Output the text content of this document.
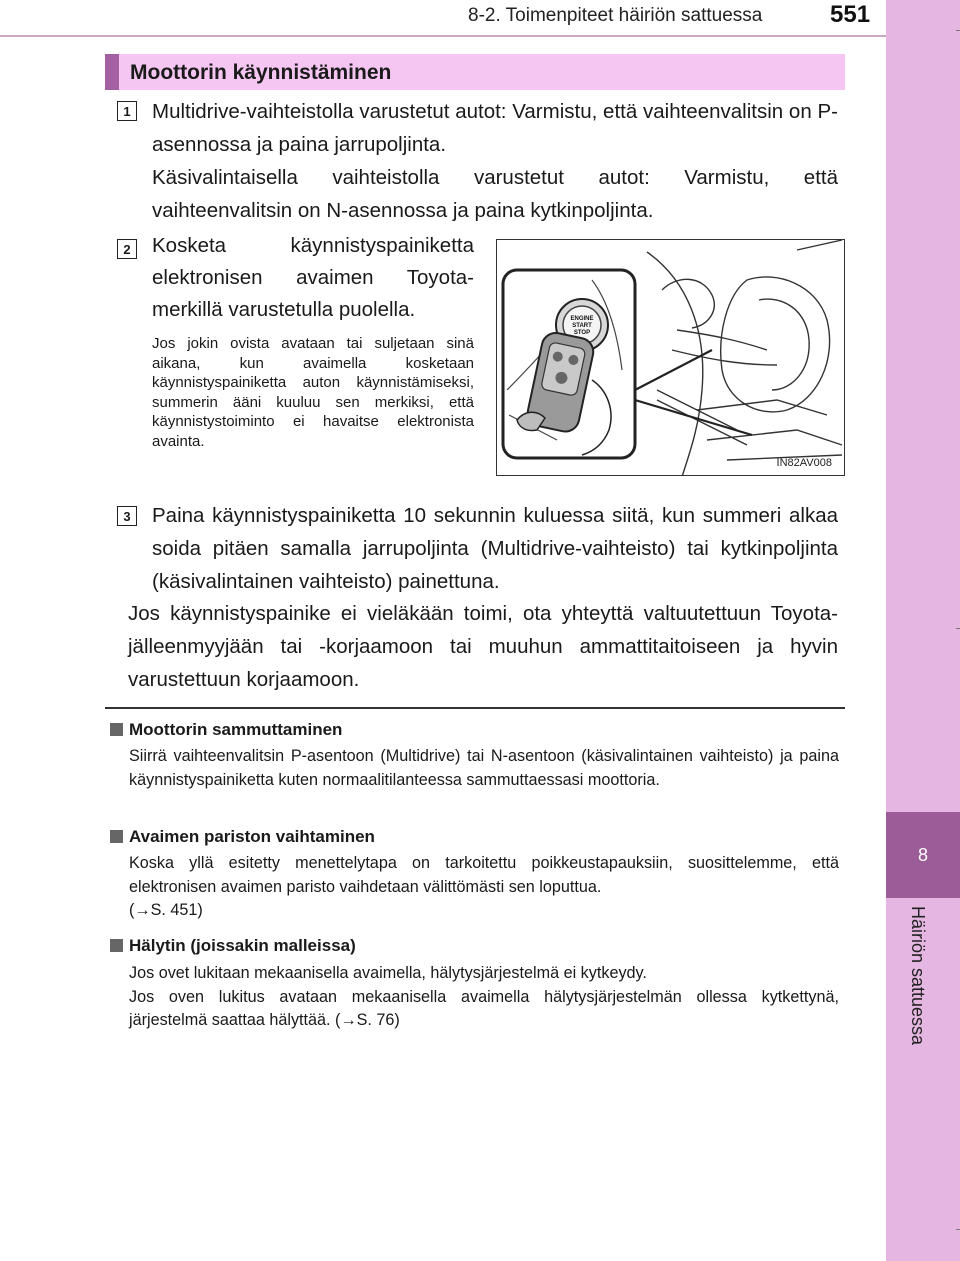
8-2. Toimenpiteet häiriön sattuessa	551
8
Häiriön sattuessa
Moottorin käynnistäminen
1	Multidrive-vaihteistolla varustetut autot: Varmistu, että vaihteenvalitsin on P-asennossa ja paina jarrupoljinta.
Käsivalintaisella vaihteistolla varustetut autot: Varmistu, että vaihteenvalitsin on N-asennossa ja paina kytkinpoljinta.
2	Kosketa käynnistyspainiketta elektronisen avaimen Toyota-merkillä varustetulla puolella.
Jos jokin ovista avataan tai suljetaan sinä aikana, kun avaimella kosketaan käynnistyspainiketta auton käynnistämiseksi, summerin ääni kuuluu sen merkiksi, että käynnistystoiminto ei havaitse elektronista avainta.
ENGINE
START
STOP
IN82AV008
3	Paina käynnistyspainiketta 10 sekunnin kuluessa siitä, kun summeri alkaa soida pitäen samalla jarrupoljinta (Multidrive-vaihteisto) tai kytkinpoljinta (käsivalintainen vaihteisto) painettuna.
Jos käynnistyspainike ei vieläkään toimi, ota yhteyttä valtuutettuun Toyota-jälleenmyyjään tai -korjaamoon tai muuhun ammattitaitoiseen ja hyvin varustettuun korjaamoon.
Moottorin sammuttaminen
Siirrä vaihteenvalitsin P-asentoon (Multidrive) tai N-asentoon (käsivalintainen vaihteisto) ja paina käynnistyspainiketta kuten normaalitilanteessa sammuttaessasi moottoria.
Avaimen pariston vaihtaminen
Koska yllä esitetty menettelytapa on tarkoitettu poikkeustapauksiin, suosittelemme, että elektronisen avaimen paristo vaihdetaan välittömästi sen loputtua.
(→S. 451)
Hälytin (joissakin malleissa)
Jos ovet lukitaan mekaanisella avaimella, hälytysjärjestelmä ei kytkeydy.
Jos oven lukitus avataan mekaanisella avaimella hälytysjärjestelmän ollessa kytkettynä, järjestelmä saattaa hälyttää. (→S. 76)
